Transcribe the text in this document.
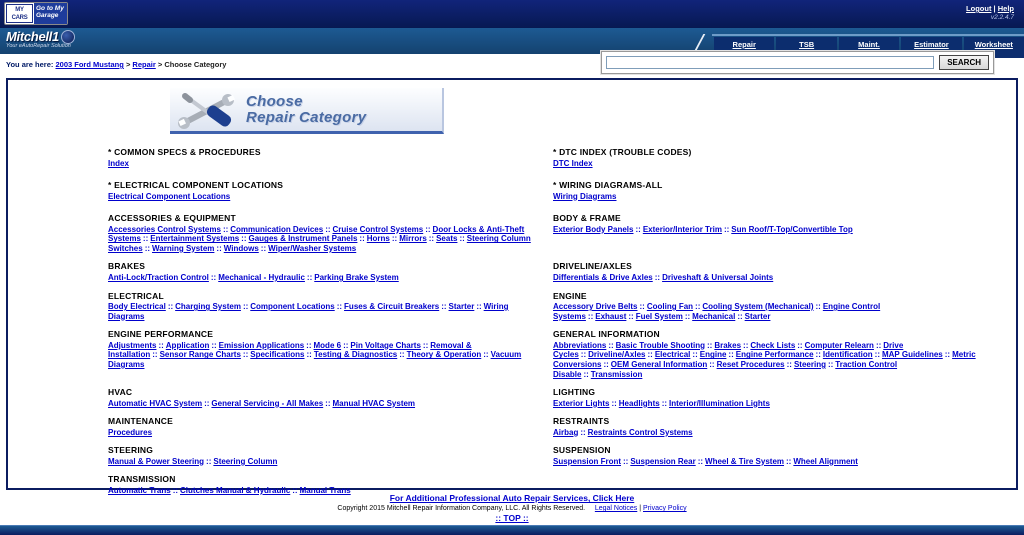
MY CARS
Go to My Garage
Logout | Help
v2.2.4.7
Mitchell1
Your eAutoRepair Solution	Repair	TSB	Maint.	Estimator	Worksheet
You are here: 2003 Ford Mustang > Repair > Choose Category	SEARCH
Choose
Repair Category
* COMMON SPECS & PROCEDURES
Index
* DTC INDEX (TROUBLE CODES)
DTC Index
* ELECTRICAL COMPONENT LOCATIONS
Electrical Component Locations
* WIRING DIAGRAMS-ALL
Wiring Diagrams
ACCESSORIES & EQUIPMENT
Accessories Control Systems :: Communication Devices :: Cruise Control Systems :: Door Locks & Anti-Theft Systems :: Entertainment Systems :: Gauges & Instrument Panels :: Horns :: Mirrors :: Seats :: Steering Column Switches :: Warning System :: Windows :: Wiper/Washer Systems
BODY & FRAME
Exterior Body Panels :: Exterior/Interior Trim :: Sun Roof/T-Top/Convertible Top
BRAKES
Anti-Lock/Traction Control :: Mechanical - Hydraulic :: Parking Brake System
DRIVELINE/AXLES
Differentials & Drive Axles :: Driveshaft & Universal Joints
ELECTRICAL
Body Electrical :: Charging System :: Component Locations :: Fuses & Circuit Breakers :: Starter :: Wiring Diagrams
ENGINE
Accessory Drive Belts :: Cooling Fan :: Cooling System (Mechanical) :: Engine Control Systems :: Exhaust :: Fuel System :: Mechanical :: Starter
ENGINE PERFORMANCE
Adjustments :: Application :: Emission Applications :: Mode 6 :: Pin Voltage Charts :: Removal & Installation :: Sensor Range Charts :: Specifications :: Testing & Diagnostics :: Theory & Operation :: Vacuum Diagrams
GENERAL INFORMATION
Abbreviations :: Basic Trouble Shooting :: Brakes :: Check Lists :: Computer Relearn :: Drive Cycles :: Driveline/Axles :: Electrical :: Engine :: Engine Performance :: Identification :: MAP Guidelines :: Metric Conversions :: OEM General Information :: Reset Procedures :: Steering :: Traction Control Disable :: Transmission
HVAC
Automatic HVAC System :: General Servicing - All Makes :: Manual HVAC System
LIGHTING
Exterior Lights :: Headlights :: Interior/Illumination Lights
MAINTENANCE
Procedures
RESTRAINTS
Airbag :: Restraints Control Systems
STEERING
Manual & Power Steering :: Steering Column
SUSPENSION
Suspension Front :: Suspension Rear :: Wheel & Tire System :: Wheel Alignment
TRANSMISSION
Automatic Trans :: Clutches Manual & Hydraulic :: Manual Trans
For Additional Professional Auto Repair Services, Click Here
Copyright 2015 Mitchell Repair Information Company, LLC. All Rights Reserved. Legal Notices | Privacy Policy
:: TOP ::
